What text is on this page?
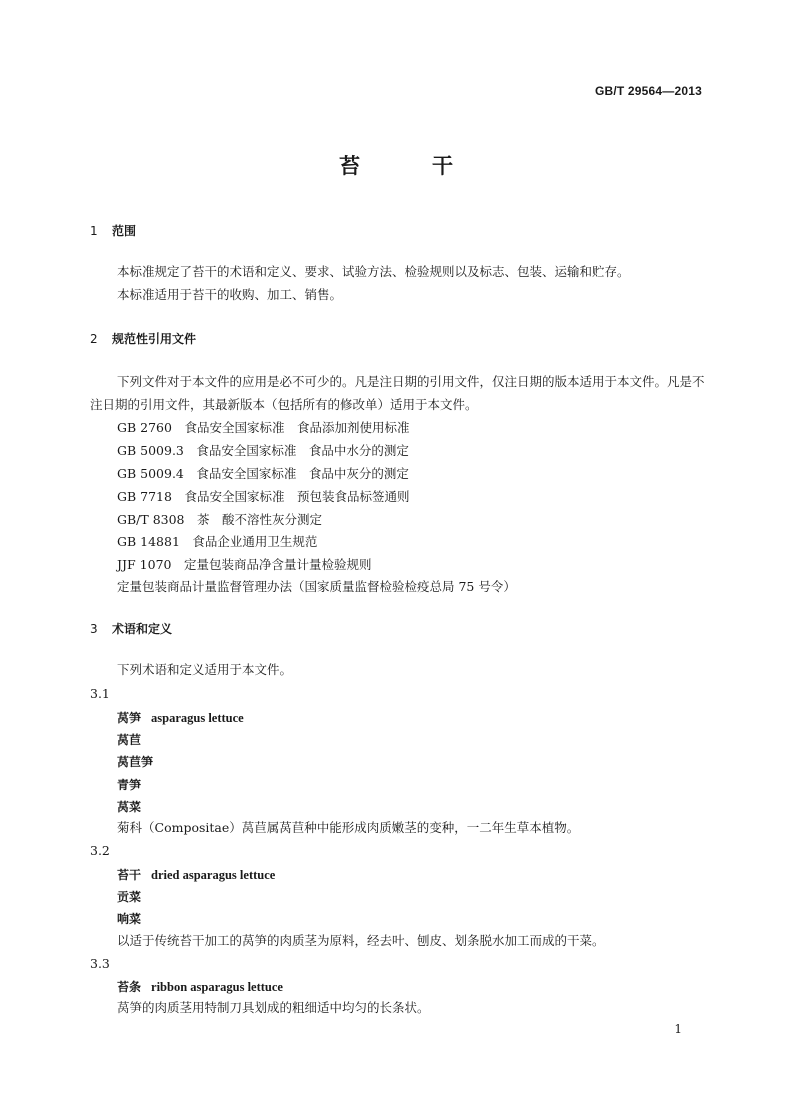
GB/T 29564—2013
苔干
1 范围
本标准规定了苔干的术语和定义、要求、试验方法、检验规则以及标志、包装、运输和贮存。
本标准适用于苔干的收购、加工、销售。
2 规范性引用文件
下列文件对于本文件的应用是必不可少的。凡是注日期的引用文件，仅注日期的版本适用于本文件。凡是不注日期的引用文件，其最新版本（包括所有的修改单）适用于本文件。
GB 2760　食品安全国家标准　食品添加剂使用标准
GB 5009.3　食品安全国家标准　食品中水分的测定
GB 5009.4　食品安全国家标准　食品中灰分的测定
GB 7718　食品安全国家标准　预包装食品标签通则
GB/T 8308　茶　酸不溶性灰分测定
GB 14881　食品企业通用卫生规范
JJF 1070　定量包装商品净含量计量检验规则
定量包装商品计量监督管理办法（国家质量监督检验检疫总局 75 号令）
3 术语和定义
下列术语和定义适用于本文件。
3.1
莴笋 asparagus lettuce
莴苣
莴苣笋
青笋
莴菜
菊科（Compositae）莴苣属莴苣种中能形成肉质嫩茎的变种，一二年生草本植物。
3.2
苔干 dried asparagus lettuce
贡菜
响菜
以适于传统苔干加工的莴笋的肉质茎为原料，经去叶、刨皮、划条脱水加工而成的干菜。
3.3
苔条 ribbon asparagus lettuce
莴笋的肉质茎用特制刀具划成的粗细适中均匀的长条状。
1
